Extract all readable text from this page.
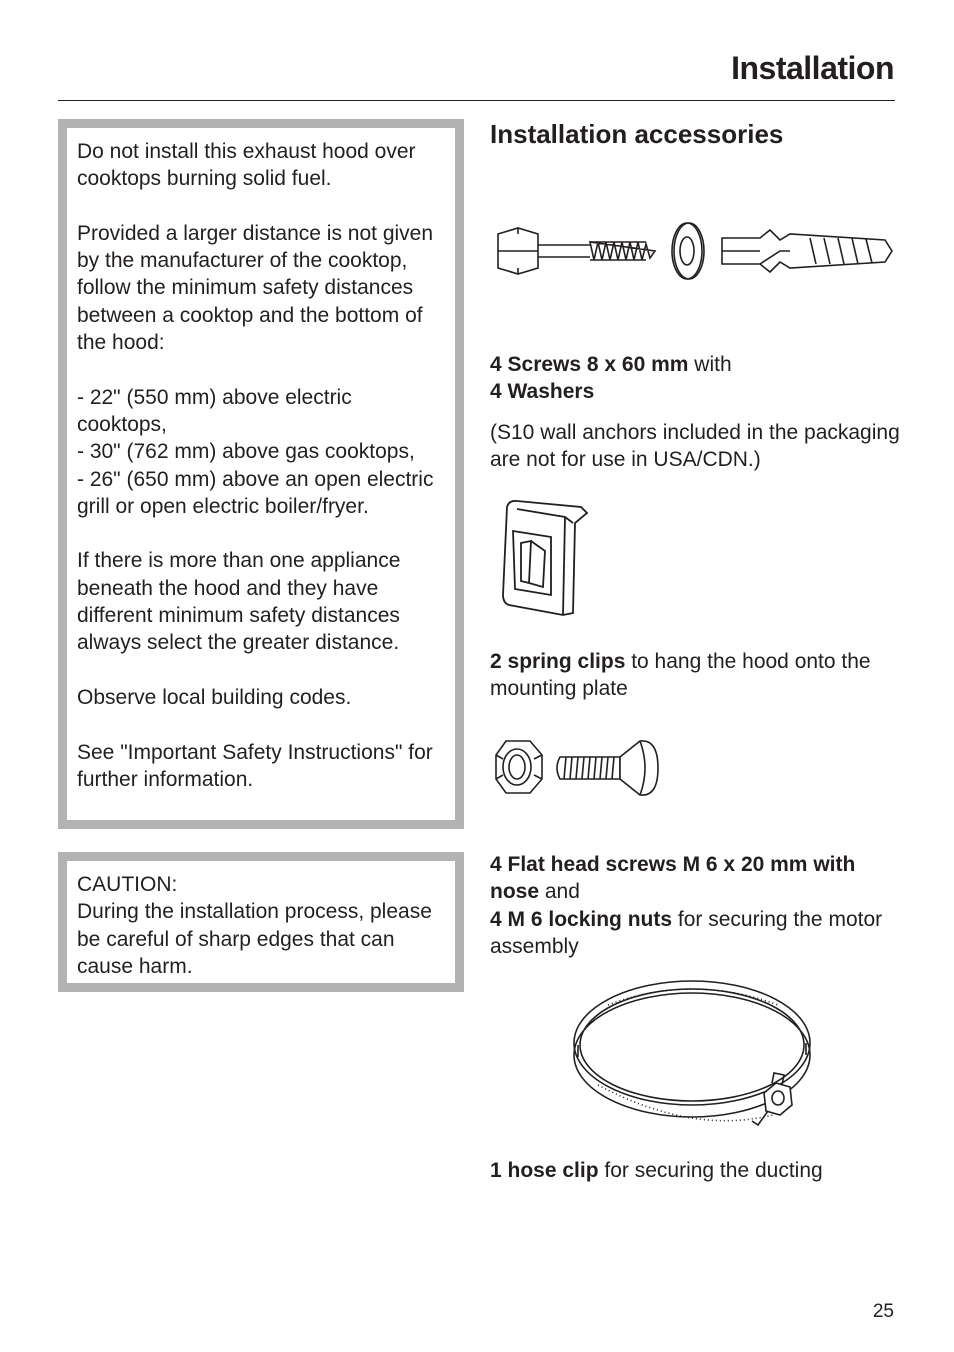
Installation

Do not install this exhaust hood over cooktops burning solid fuel.

Provided a larger distance is not given by the manufacturer of the cooktop, follow the minimum safety distances between a cooktop and the bottom of the hood:

- 22" (550 mm) above electric cooktops,

- 30" (762 mm) above gas cooktops,

- 26" (650 mm) above an open electric grill or open electric boiler/fryer.

If there is more than one appliance beneath the hood and they have different minimum safety distances always select the greater distance.

Observe local building codes.

See "Important Safety Instructions" for further information.

CAUTION:

During the installation process, please be careful of sharp edges that can cause harm.

Installation accessories
4 Screws 8 x 60 mm with
4 Washers
(S10 wall anchors included in the packaging are not for use in USA/CDN.)
2 spring clips to hang the hood onto the mounting plate
4 Flat head screws M 6 x 20 mm with nose and
4 M 6 locking nuts for securing the motor assembly
1 hose clip for securing the ducting
25
